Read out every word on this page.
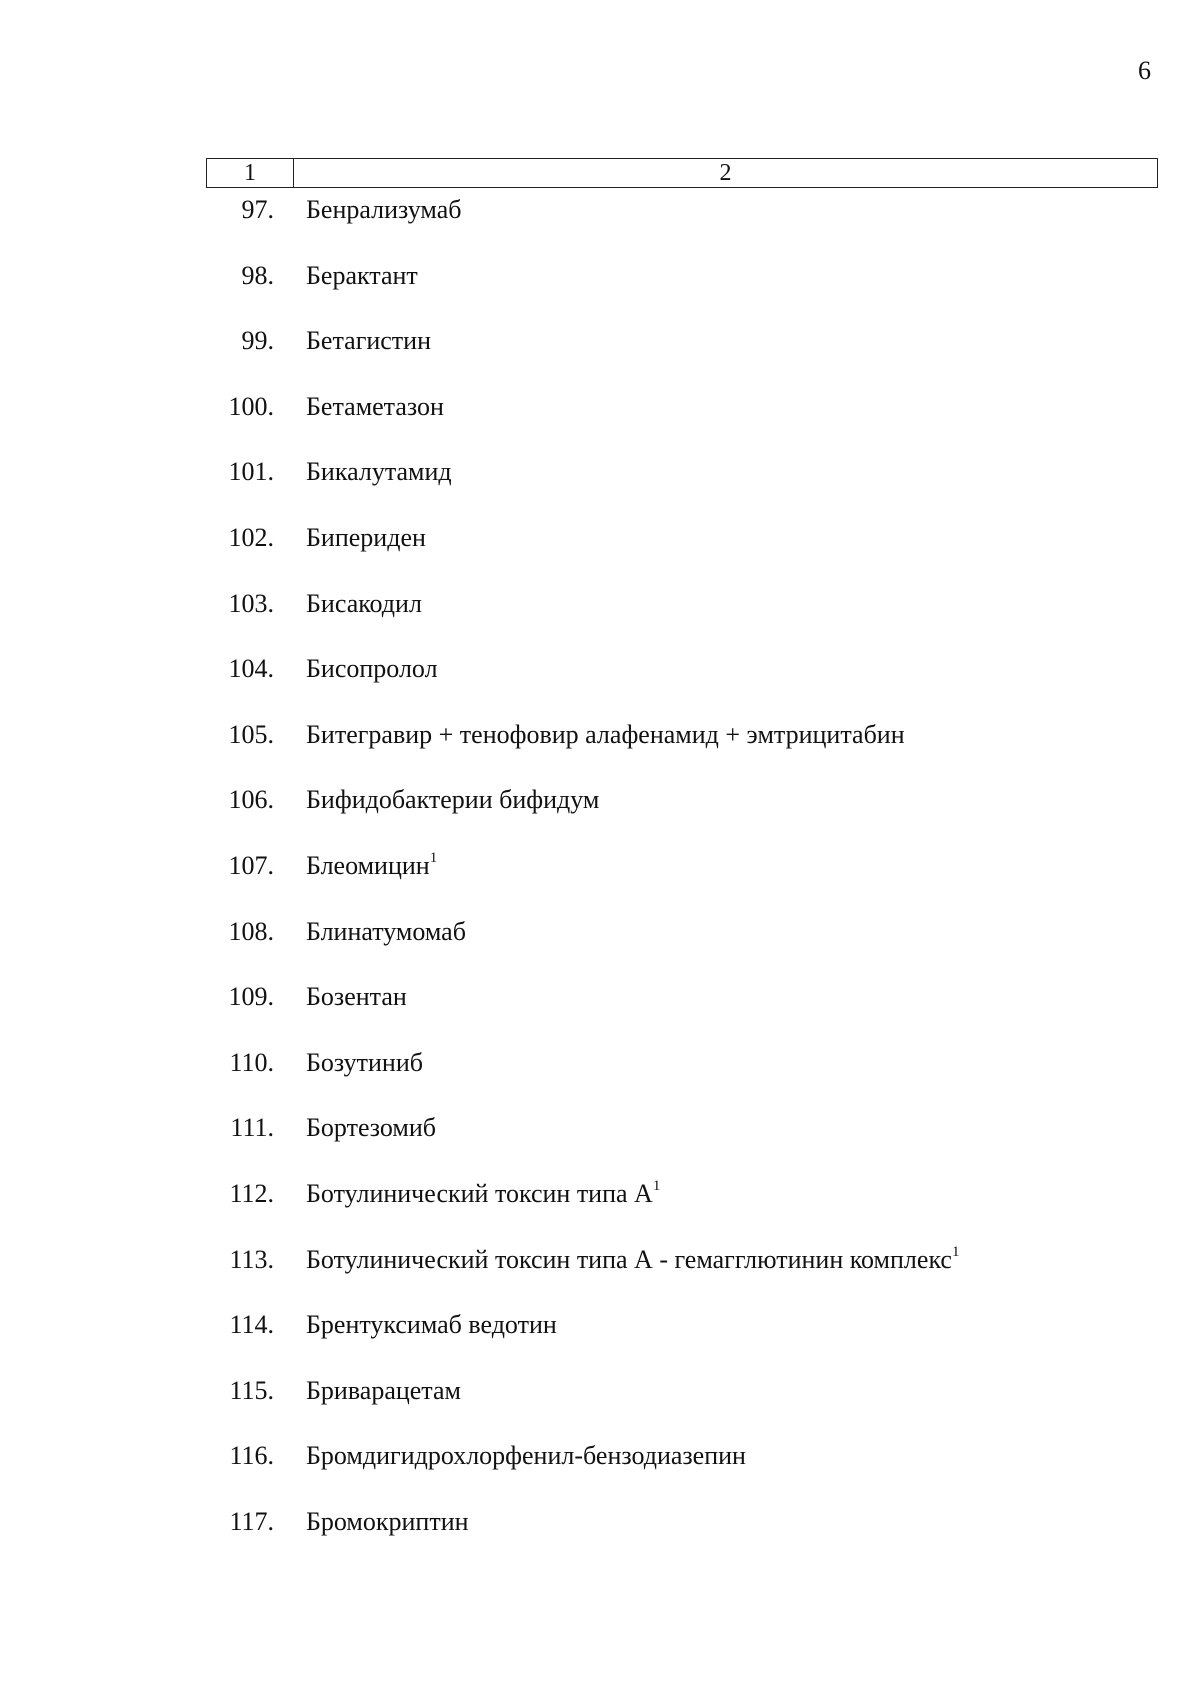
6
1	2
97. Бенрализумаб
98. Берактант
99. Бетагистин
100. Бетаметазон
101. Бикалутамид
102. Бипериден
103. Бисакодил
104. Бисопролол
105. Битегравир + тенофовир алафенамид + эмтрицитабин
106. Бифидобактерии бифидум
107. Блеомицин$^1$
108. Блинатумомаб
109. Бозентан
110. Бозутиниб
111. Бортезомиб
112. Ботулинический токсин типа $А^1$
113. Ботулинический токсин типа А - гемагглютинин комплекс$^1$
114. Брентуксимаб ведотин
115. Бриварацетам
116. Бромдигидрохлорфенил-бензодиазепин
117. Бромокриптин
